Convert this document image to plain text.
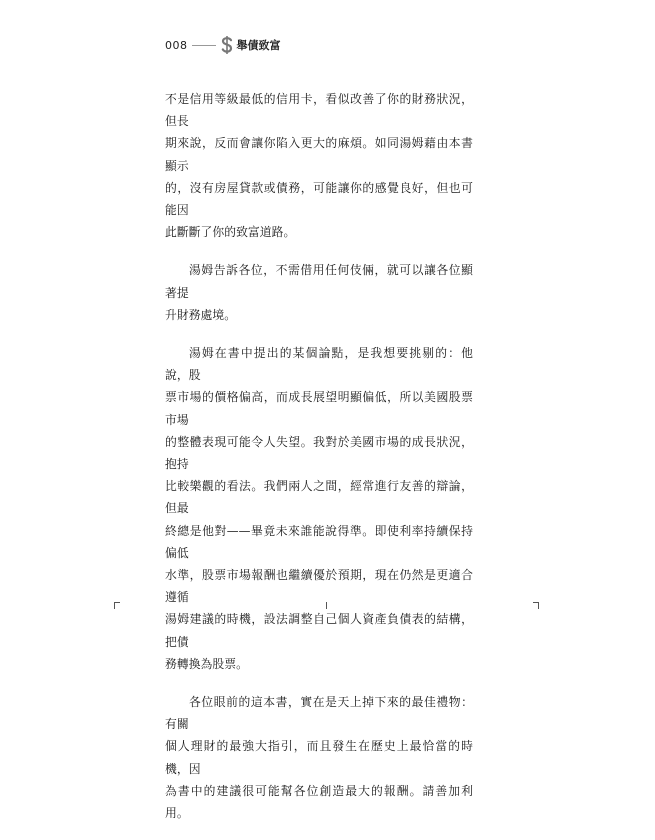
008	舉債致富

不是信用等級最低的信用卡，看似改善了你的財務狀況，但長
期來說，反而會讓你陷入更大的麻煩。如同湯姆藉由本書顯示
的，沒有房屋貸款或債務，可能讓你的感覺良好，但也可能因
此斷斷了你的致富道路。

湯姆告訴各位，不需借用任何伎倆，就可以讓各位顯著提
升財務處境。

湯姆在書中提出的某個論點，是我想要挑剔的：他說，股
票市場的價格偏高，而成長展望明顯偏低，所以美國股票市場
的整體表現可能令人失望。我對於美國市場的成長狀況，抱持
比較樂觀的看法。我們兩人之間，經常進行友善的辯論，但最
終總是他對——畢竟未來誰能說得準。即使利率持續保持偏低
水準，股票市場報酬也繼續優於預期，現在仍然是更適合遵循
湯姆建議的時機，設法調整自己個人資產負債表的結構，把債
務轉換為股票。

各位眼前的這本書，實在是天上掉下來的最佳禮物：有關
個人理財的最強大指引，而且發生在歷史上最恰當的時機，因
為書中的建議很可能幫各位創造最大的報酬。請善加利用。
